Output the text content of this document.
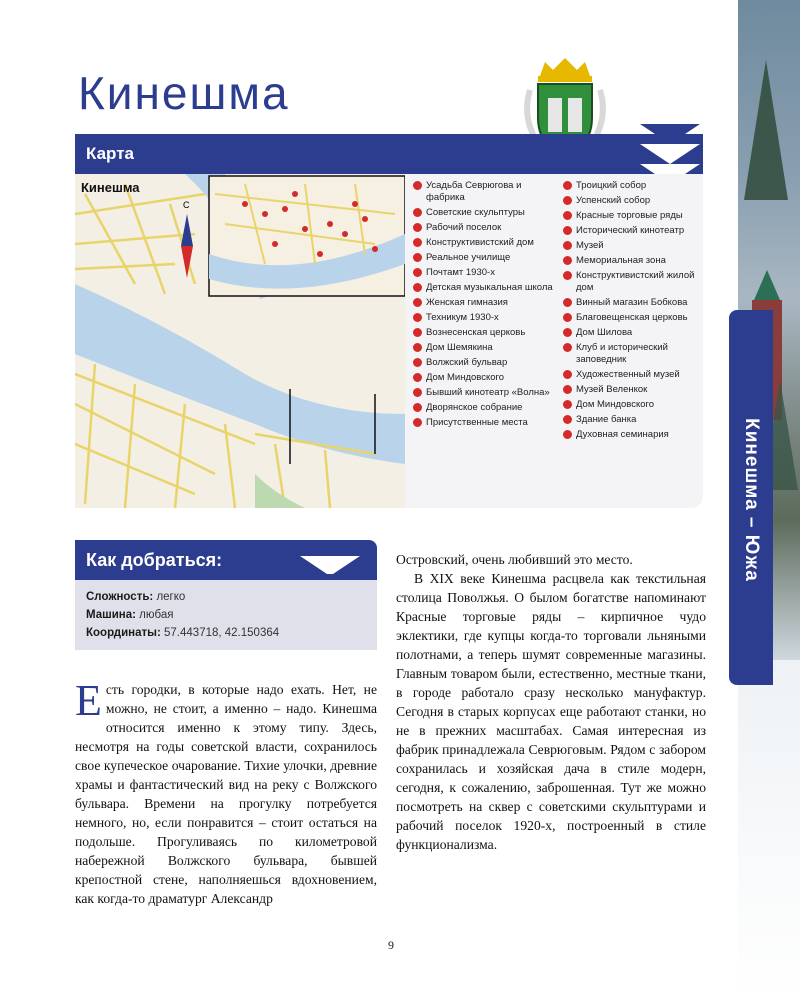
Кинешма – Южа
Кинешма
Карта
С
Кинешма	Усадьба Севрюгова и фабрика
Советские скульптуры
Рабочий поселок
Конструктивистский дом
Реальное училище
Почтамт 1930-х
Детская музыкальная школа
Женская гимназия
Техникум 1930-х
Вознесенская церковь
Дом Шемякина
Волжский бульвар
Дом Миндовского
Бывший кинотеатр «Волна»
Дворянское собрание
Присутственные места
Троицкий собор
Успенский собор
Красные торговые ряды
Исторический кинотеатр
Музей
Мемориальная зона
Конструктивистский жилой дом
Винный магазин Бобкова
Благовещенская церковь
Дом Шилова
Клуб и исторический заповедник
Художественный музей
Музей Веленкок
Дом Миндовского
Здание банка
Духовная семинария
Как добраться:
Сложность: легко
Машина: любая
Координаты: 57.443718, 42.150364
Есть городки, в которые надо ехать. Нет, не можно, не стоит, а именно – надо. Кинешма относится именно к этому типу. Здесь, несмотря на годы советской власти, сохранилось свое купеческое очарование. Тихие улочки, древние храмы и фантастический вид на реку с Волжского бульвара. Времени на прогулку потребуется немного, но, если понравится – стоит остаться на подольше. Прогуливаясь по километровой набережной Волжского бульвара, бывшей крепостной стене, наполняешься вдохновением, как когда-то драматург Александр
Островский, очень любивший это место.
В XIX веке Кинешма расцвела как текстильная столица Поволжья. О былом богатстве напоминают Красные торговые ряды – кирпичное чудо эклектики, где купцы когда-то торговали льняными полотнами, а теперь шумят современные магазины. Главным товаром были, естественно, местные ткани, в городе работало сразу несколько мануфактур. Сегодня в старых корпусах еще работают станки, но не в прежних масштабах. Самая интересная из фабрик принадлежала Севрюговым. Рядом с забором сохранилась и хозяйская дача в стиле модерн, сегодня, к сожалению, заброшенная. Тут же можно посмотреть на сквер с советскими скульптурами и рабочий поселок 1920-х, построенный в стиле функционализма.
9
